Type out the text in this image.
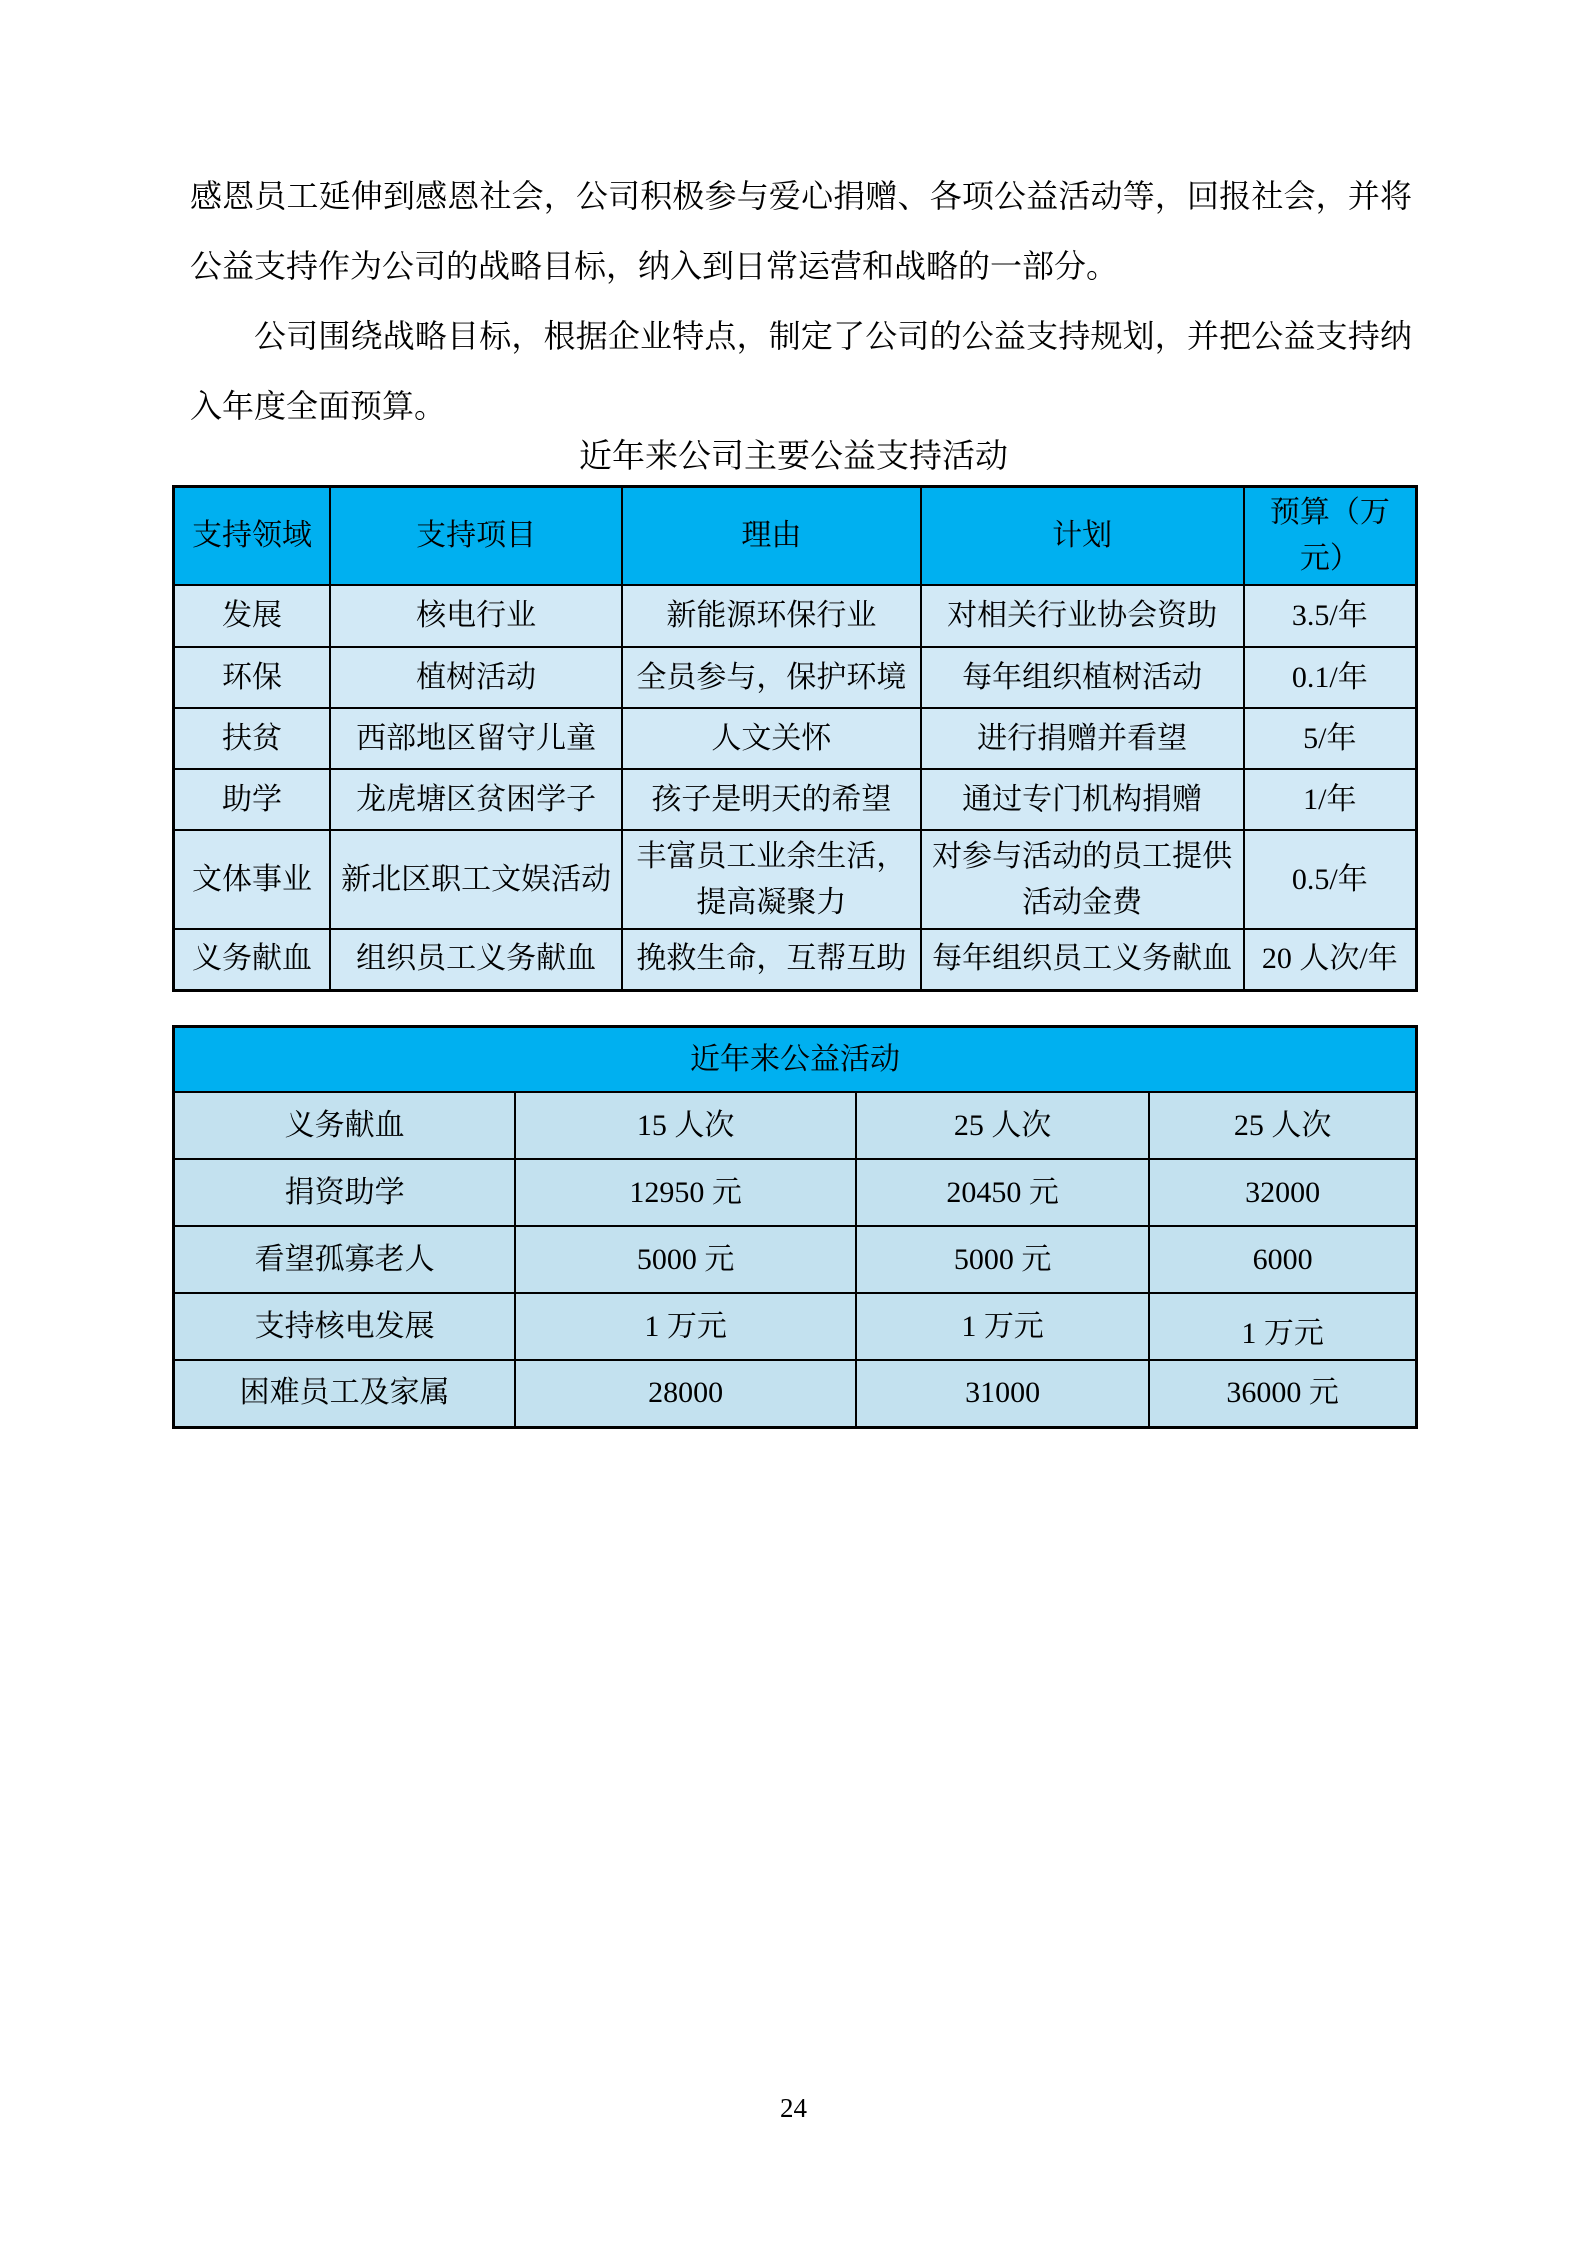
感恩员工延伸到感恩社会，公司积极参与爱心捐赠、各项公益活动等，回报社会，并将公益支持作为公司的战略目标，纳入到日常运营和战略的一部分。

公司围绕战略目标，根据企业特点，制定了公司的公益支持规划，并把公益支持纳入年度全面预算。

近年来公司主要公益支持活动

支持领域	支持项目	理由	计划	预算（万元）
发展	核电行业	新能源环保行业	对相关行业协会资助	3.5/年
环保	植树活动	全员参与，保护环境	每年组织植树活动	0.1/年
扶贫	西部地区留守儿童	人文关怀	进行捐赠并看望	5/年
助学	龙虎塘区贫困学子	孩子是明天的希望	通过专门机构捐赠	1/年
文体事业	新北区职工文娱活动	丰富员工业余生活，提高凝聚力	对参与活动的员工提供活动金费	0.5/年
义务献血	组织员工义务献血	挽救生命，互帮互助	每年组织员工义务献血	20 人次/年
近年来公益活动			
义务献血	15 人次	25 人次	25 人次
捐资助学	12950 元	20450 元	32000
看望孤寡老人	5000 元	5000 元	6000
支持核电发展	1 万元	1 万元	1 万元
困难员工及家属	28000	31000	36000 元

24
